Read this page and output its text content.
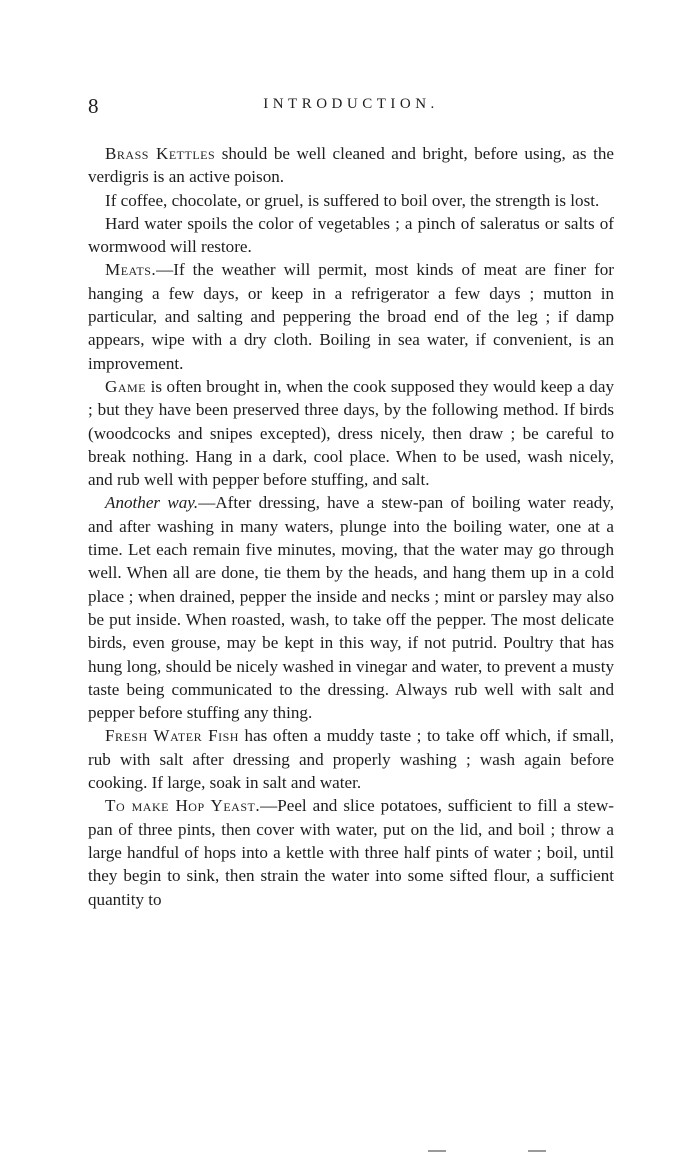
8	INTRODUCTION.

Brass Kettles should be well cleaned and bright, before using, as the verdigris is an active poison.

If coffee, chocolate, or gruel, is suffered to boil over, the strength is lost.

Hard water spoils the color of vegetables ; a pinch of saleratus or salts of wormwood will restore.

Meats.—If the weather will permit, most kinds of meat are finer for hanging a few days, or keep in a refrigerator a few days ; mutton in particular, and salting and peppering the broad end of the leg ; if damp appears, wipe with a dry cloth. Boiling in sea water, if convenient, is an improvement.

Game is often brought in, when the cook supposed they would keep a day ; but they have been preserved three days, by the following method. If birds (woodcocks and snipes excepted), dress nicely, then draw ; be careful to break nothing. Hang in a dark, cool place. When to be used, wash nicely, and rub well with pepper before stuffing, and salt.

Another way.—After dressing, have a stew-pan of boiling water ready, and after washing in many waters, plunge into the boiling water, one at a time. Let each remain five minutes, moving, that the water may go through well. When all are done, tie them by the heads, and hang them up in a cold place ; when drained, pepper the inside and necks ; mint or parsley may also be put inside. When roasted, wash, to take off the pepper. The most delicate birds, even grouse, may be kept in this way, if not putrid. Poultry that has hung long, should be nicely washed in vinegar and water, to prevent a musty taste being communicated to the dressing. Always rub well with salt and pepper before stuffing any thing.

Fresh Water Fish has often a muddy taste ; to take off which, if small, rub with salt after dressing and properly washing ; wash again before cooking. If large, soak in salt and water.

To make Hop Yeast.—Peel and slice potatoes, sufficient to fill a stew-pan of three pints, then cover with water, put on the lid, and boil ; throw a large handful of hops into a kettle with three half pints of water ; boil, until they begin to sink, then strain the water into some sifted flour, a sufficient quantity to
